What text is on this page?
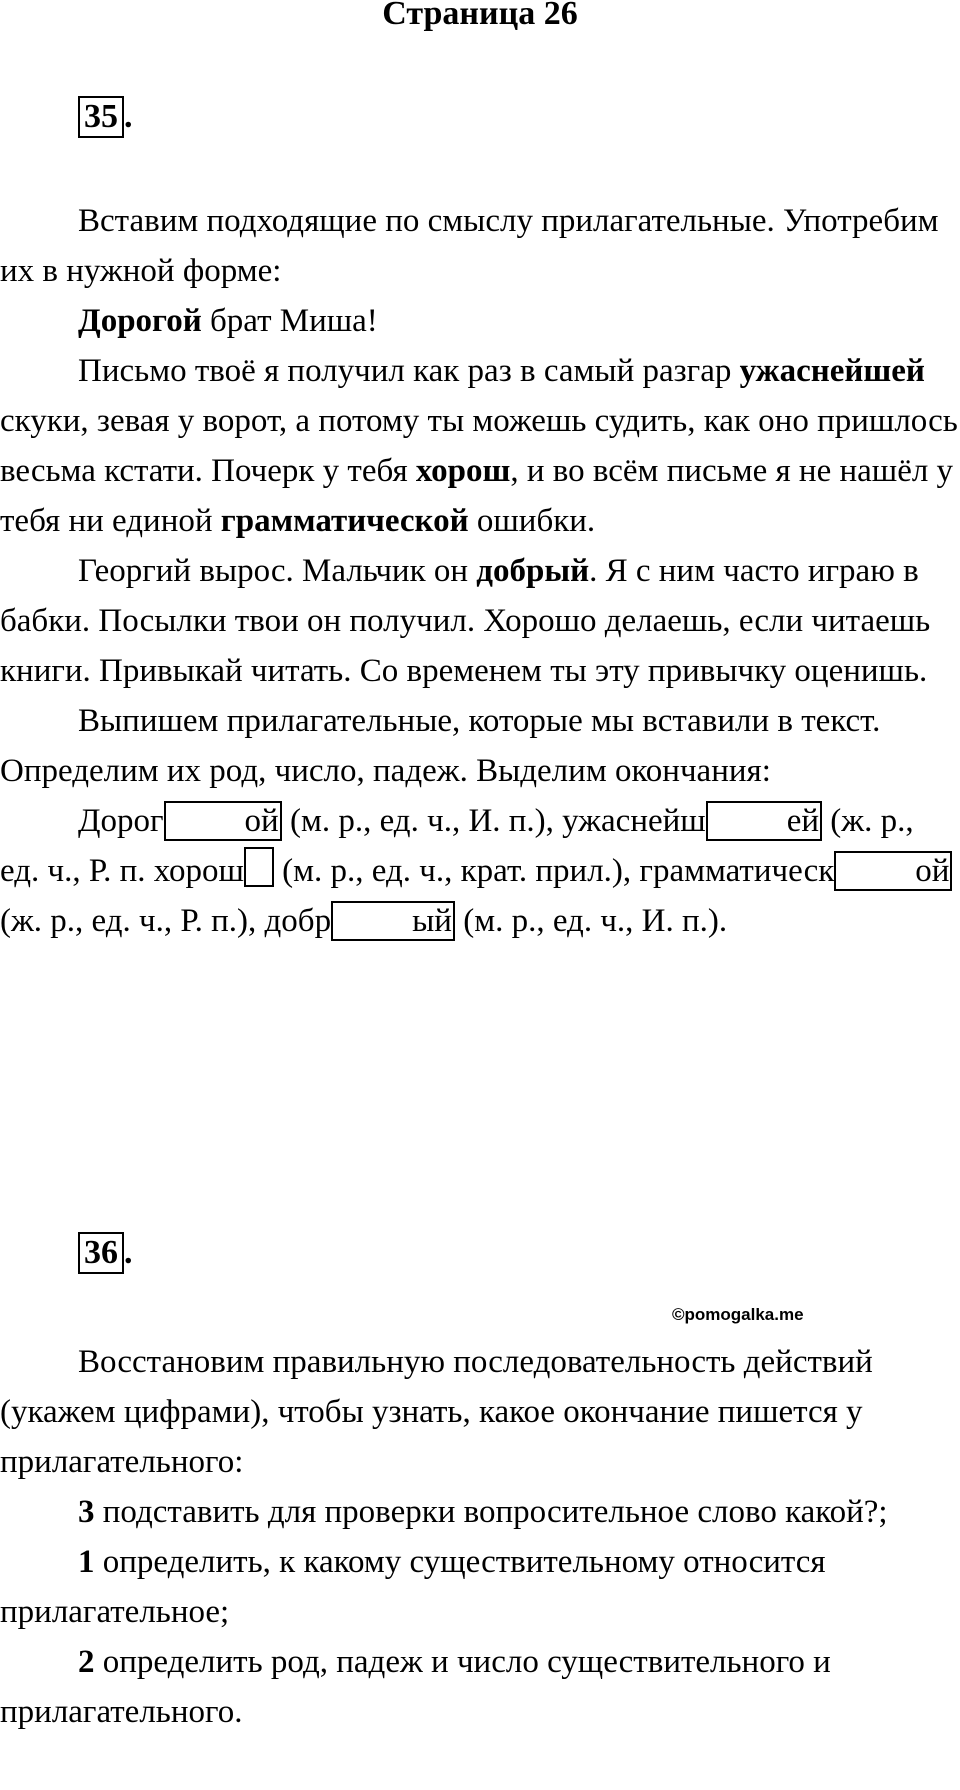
Страница 26
35 .

Вставим подходящие по смыслу прилагательные. Употребим их в нужной форме:

Дорогой брат Миша!

Письмо твоё я получил как раз в самый разгар ужаснейшей скуки, зевая у ворот, а потому ты можешь судить, как оно пришлось весьма кстати. Почерк у тебя хорош, и во всём письме я не нашёл у тебя ни единой грамматической ошибки.

Георгий вырос. Мальчик он добрый. Я с ним часто играю в бабки. Посылки твои он получил. Хорошо делаешь, если читаешь книги. Привыкай читать. Со временем ты эту привычку оценишь.

Выпишем прилагательные, которые мы вставили в текст. Определим их род, число, падеж. Выделим окончания:

Дорог ой (м. р., ед. ч., И. п.), ужаснейш ей (ж. р., ед. ч., Р. п. хорош (м. р., ед. ч., крат. прил.), грамматическ ой (ж. р., ед. ч., Р. п.), добр ый (м. р., ед. ч., И. п.).

36 .
©pomogalka.me

Восстановим правильную последовательность действий (укажем цифрами), чтобы узнать, какое окончание пишется у прилагательного:

3 подставить для проверки вопросительное слово какой?;

1 определить, к какому существительному относится прилагательное;

2 определить род, падеж и число существительного и прилагательного.
